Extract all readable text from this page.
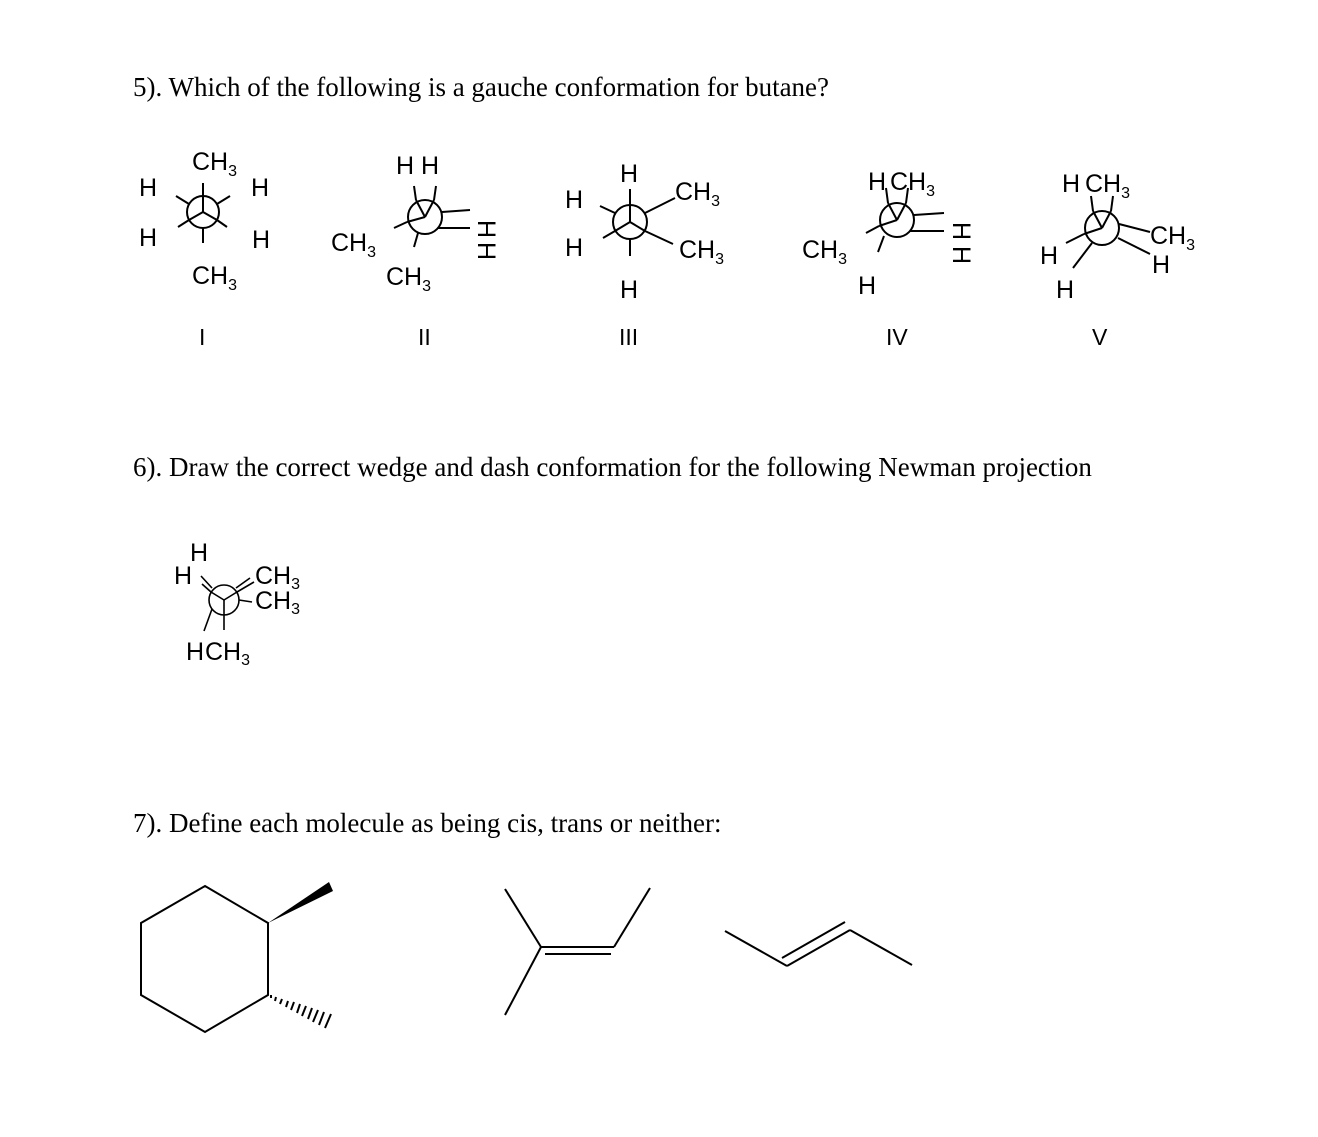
5). Which of the following is a gauche conformation for butane?
6). Draw the correct wedge and dash conformation for the following Newman projection
7). Define each molecule as being cis, trans or neither:
$CH_3$
H	H
H	H
$CH_3$
I
H H
$CH_3$
$CH_3$
H
H
II
H
H	$CH_3$
H	$CH_3$
H
III
H $CH_3$
$CH_3$
H
H
H
IV
H $CH_3$
$CH_3$
H	H
H
V
H
H	$CH_3$
$CH_3$
H $CH_3$
